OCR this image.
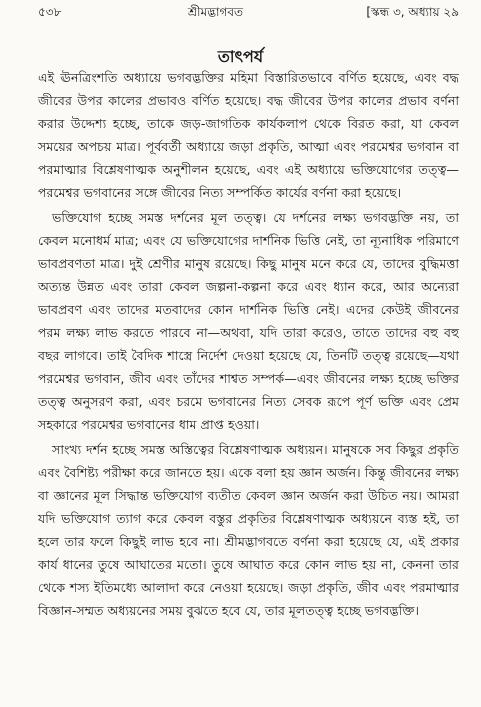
৫৩৮	শ্রীমদ্ভাগবত	[স্কন্ধ ৩, অধ্যায় ২৯
তাৎপর্য

এই ঊনত্রিংশতি অধ্যায়ে ভগবদ্ভক্তির মহিমা বিস্তারিতভাবে বর্ণিত হয়েছে, এবং বদ্ধ জীবের উপর কালের প্রভাবও বর্ণিত হয়েছে। বদ্ধ জীবের উপর কালের প্রভাব বর্ণনা করার উদ্দেশ্য হচ্ছে, তাকে জড়-জাগতিক কার্যকলাপ থেকে বিরত করা, যা কেবল সময়ের অপচয় মাত্র। পূর্ববর্তী অধ্যায়ে জড়া প্রকৃতি, আত্মা এবং পরমেশ্বর ভগবান বা পরমাত্মার বিশ্লেষণাত্মক অনুশীলন হয়েছে, এবং এই অধ্যায়ে ভক্তিযোগের তত্ত্ব—পরমেশ্বর ভগবানের সঙ্গে জীবের নিত্য সম্পর্কিত কার্যের বর্ণনা করা হয়েছে।

ভক্তিযোগ হচ্ছে সমস্ত দর্শনের মূল তত্ত্ব। যে দর্শনের লক্ষ্য ভগবদ্ভক্তি নয়, তা কেবল মনোধর্ম মাত্র; এবং যে ভক্তিযোগের দার্শনিক ভিত্তি নেই, তা ন্যূনাধিক পরিমাণে ভাবপ্রবণতা মাত্র। দুই শ্রেণীর মানুষ রয়েছে। কিছু মানুষ মনে করে যে, তাদের বুদ্ধিমত্তা অত্যন্ত উন্নত এবং তারা কেবল জল্পনা-কল্পনা করে এবং ধ্যান করে, আর অন্যেরা ভাবপ্রবণ এবং তাদের মতবাদের কোন দার্শনিক ভিত্তি নেই। এদের কেউই জীবনের পরম লক্ষ্য লাভ করতে পারবে না—অথবা, যদি তারা করেও, তাতে তাদের বহু বহু বছর লাগবে। তাই বৈদিক শাস্ত্রে নির্দেশ দেওয়া হয়েছে যে, তিনটি তত্ত্ব রয়েছে—যথা পরমেশ্বর ভগবান, জীব এবং তাঁদের শাশ্বত সম্পর্ক—এবং জীবনের লক্ষ্য হচ্ছে ভক্তির তত্ত্ব অনুসরণ করা, এবং চরমে ভগবানের নিত্য সেবক রূপে পূর্ণ ভক্তি এবং প্রেম সহকারে পরমেশ্বর ভগবানের ধাম প্রাপ্ত হওয়া।

সাংখ্য দর্শন হচ্ছে সমস্ত অস্তিত্বের বিশ্লেষণাত্মক অধ্যয়ন। মানুষকে সব কিছুর প্রকৃতি এবং বৈশিষ্ট্য পরীক্ষা করে জানতে হয়। একে বলা হয় জ্ঞান অর্জন। কিন্তু জীবনের লক্ষ্য বা জ্ঞানের মূল সিদ্ধান্ত ভক্তিযোগ ব্যতীত কেবল জ্ঞান অর্জন করা উচিত নয়। আমরা যদি ভক্তিযোগ ত্যাগ করে কেবল বস্তুর প্রকৃতির বিশ্লেষণাত্মক অধ্যয়নে ব্যস্ত হই, তা হলে তার ফলে কিছুই লাভ হবে না। শ্রীমদ্ভাগবতে বর্ণনা করা হয়েছে যে, এই প্রকার কার্য ধানের তুষে আঘাতের মতো। তুষে আঘাত করে কোন লাভ হয় না, কেননা তার থেকে শস্য ইতিমধ্যে আলাদা করে নেওয়া হয়েছে। জড়া প্রকৃতি, জীব এবং পরমাত্মার বিজ্ঞান-সম্মত অধ্যয়নের সময় বুঝতে হবে যে, তার মূলতত্ত্ব হচ্ছে ভগবদ্ভক্তি।
